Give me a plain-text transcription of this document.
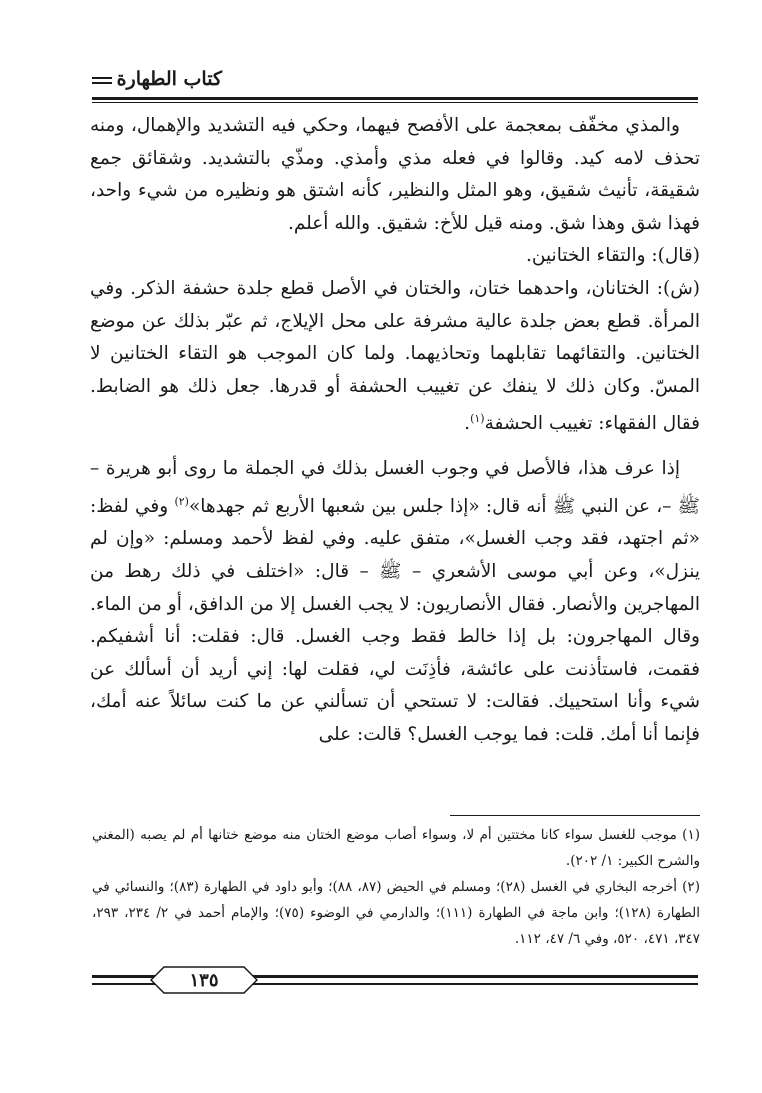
كتاب الطهارة

والمذي مخفّف بمعجمة على الأفصح فيهما، وحكي فيه التشديد والإهمال، ومنه تحذف لامه كيد. وقالوا في فعله مذي وأمذي. ومذّي بالتشديد. وشقائق جمع شقيقة، تأنيث شقيق، وهو المثل والنظير، كأنه اشتق هو ونظيره من شيء واحد، فهذا شق وهذا شق. ومنه قيل للأخ: شقيق. والله أعلم.

(قال): والتقاء الختانين.

(ش): الختانان، واحدهما ختان، والختان في الأصل قطع جلدة حشفة الذكر. وفي المرأة. قطع بعض جلدة عالية مشرفة على محل الإيلاج، ثم عبّر بذلك عن موضع الختانين. والتقائهما تقابلهما وتحاذيهما. ولما كان الموجب هو التقاء الختانين لا المسّ. وكان ذلك لا ينفك عن تغييب الحشفة أو قدرها. جعل ذلك هو الضابط. فقال الفقهاء: تغييب الحشفة$^{(١)}$.

إذا عرف هذا، فالأصل في وجوب الغسل بذلك في الجملة ما روى أبو هريرة – ﷺ –، عن النبي ﷺ أنه قال: «إذا جلس بين شعبها الأربع ثم جهدها»$^{(٢)}$ وفي لفظ: «ثم اجتهد، فقد وجب الغسل»، متفق عليه. وفي لفظ لأحمد ومسلم: «وإن لم ينزل»، وعن أبي موسى الأشعري – ﷺ – قال: «اختلف في ذلك رهط من المهاجرين والأنصار. فقال الأنصاريون: لا يجب الغسل إلا من الدافق، أو من الماء. وقال المهاجرون: بل إذا خالط فقط وجب الغسل. قال: فقلت: أنا أشفيكم. فقمت، فاستأذنت على عائشة، فأذِنَت لي، فقلت لها: إني أريد أن أسألك عن شيء وأنا استحييك. فقالت: لا تستحي أن تسألني عن ما كنت سائلاً عنه أمك، فإنما أنا أمك. قلت: فما يوجب الغسل؟ قالت: على

(١) موجب للغسل سواء كانا مختتين أم لا، وسواء أصاب موضع الختان منه موضع ختانها أم لم يصبه (المغني والشرح الكبير: ١/ ٢٠٢).

(٢) أخرجه البخاري في الغسل (٢٨)؛ ومسلم في الحيض (٨٧، ٨٨)؛ وأبو داود في الطهارة (٨٣)؛ والنسائي في الطهارة (١٢٨)؛ وابن ماجة في الطهارة (١١١)؛ والدارمي في الوضوء (٧٥)؛ والإمام أحمد في ٢/ ٢٣٤، ٢٩٣، ٣٤٧، ٤٧١، ٥٢٠، وفي ٦/ ٤٧، ١١٢.

١٣٥
